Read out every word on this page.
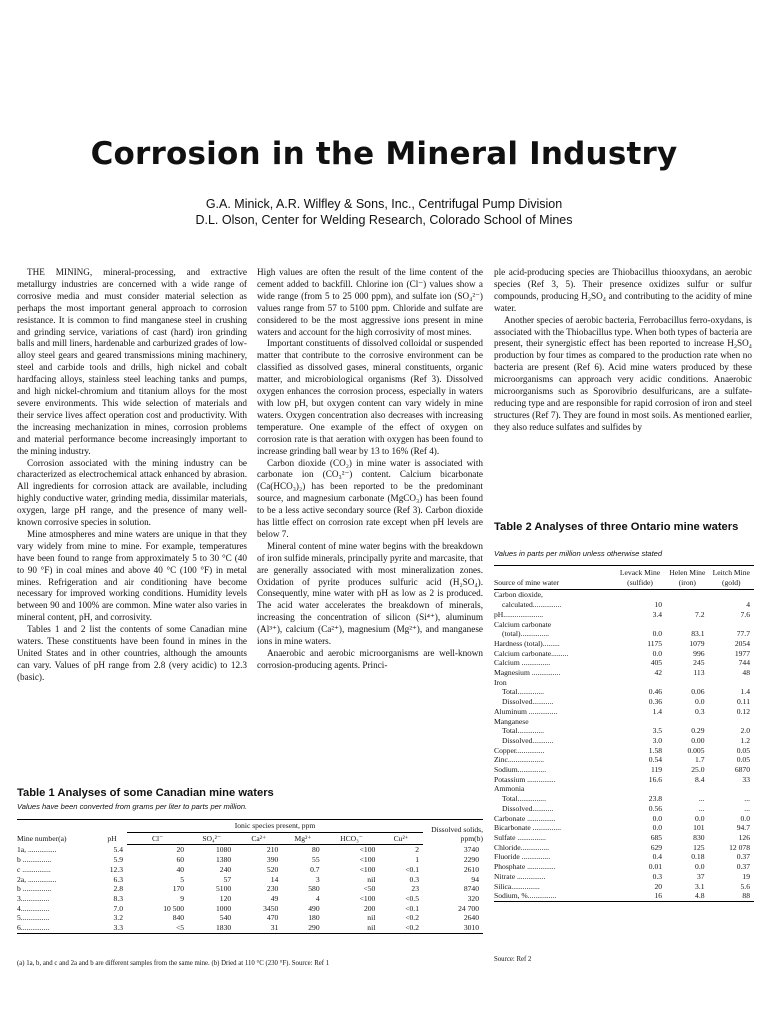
Corrosion in the Mineral Industry
G.A. Minick, A.R. Wilfley & Sons, Inc., Centrifugal Pump Division
D.L. Olson, Center for Welding Research, Colorado School of Mines

THE MINING, mineral-processing, and extractive metallurgy industries are concerned with a wide range of corrosive media and must consider material selection as perhaps the most important general approach to corrosion resistance. It is common to find manganese steel in crushing and grinding service, variations of cast (hard) iron grinding balls and mill liners, hardenable and carburized grades of low-alloy steel gears and geared transmissions mining machinery, steel and carbide tools and drills, high nickel and cobalt hardfacing alloys, stainless steel leaching tanks and pumps, and high nickel-chromium and titanium alloys for the most severe environments. This wide selection of materials and their service lives affect operation cost and productivity. With the increasing mechanization in mines, corrosion problems and material performance become increasingly important to the mining industry.

Corrosion associated with the mining industry can be characterized as electrochemical attack enhanced by abrasion. All ingredients for corrosion attack are available, including highly conductive water, grinding media, dissimilar materials, oxygen, large pH range, and the presence of many well-known corrosive species in solution.

Mine atmospheres and mine waters are unique in that they vary widely from mine to mine. For example, temperatures have been found to range from approximately 5 to 30 °C (40 to 90 °F) in coal mines and above 40 °C (100 °F) in metal mines. Refrigeration and air conditioning have become necessary for improved working conditions. Humidity levels between 90 and 100% are common. Mine water also varies in mineral content, pH, and corrosivity.

Tables 1 and 2 list the contents of some Canadian mine waters. These constituents have been found in mines in the United States and in other countries, although the amounts can vary. Values of pH range from 2.8 (very acidic) to 12.3 (basic).

High values are often the result of the lime content of the cement added to backfill. Chlorine ion (Cl⁻) values show a wide range (from 5 to 25 000 ppm), and sulfate ion (SO₄²⁻) values range from 57 to 5100 ppm. Chloride and sulfate are considered to be the most aggressive ions present in mine waters and account for the high corrosivity of most mines.

Important constituents of dissolved colloidal or suspended matter that contribute to the corrosive environment can be classified as dissolved gases, mineral constituents, organic matter, and microbiological organisms (Ref 3). Dissolved oxygen enhances the corrosion process, especially in waters with low pH, but oxygen content can vary widely in mine waters. Oxygen concentration also decreases with increasing temperature. One example of the effect of oxygen on corrosion rate is that aeration with oxygen has been found to increase grinding ball wear by 13 to 16% (Ref 4).

Carbon dioxide (CO₂) in mine water is associated with carbonate ion (CO₃²⁻) content. Calcium bicarbonate (Ca(HCO₃)₂) has been reported to be the predominant source, and magnesium carbonate (MgCO₃) has been found to be a less active secondary source (Ref 3). Carbon dioxide has little effect on corrosion rate except when pH levels are below 7.

Mineral content of mine water begins with the breakdown of iron sulfide minerals, principally pyrite and marcasite, that are generally associated with most mineralization zones. Oxidation of pyrite produces sulfuric acid (H₂SO₄). Consequently, mine water with pH as low as 2 is produced. The acid water accelerates the breakdown of minerals, increasing the concentration of silicon (Si⁴⁺), aluminum (Al³⁺), calcium (Ca²⁺), magnesium (Mg²⁺), and manganese ions in mine waters.

Anaerobic and aerobic microorganisms are well-known corrosion-producing agents. Princi-

ple acid-producing species are Thiobacillus thiooxydans, an aerobic species (Ref 3, 5). Their presence oxidizes sulfur or sulfur compounds, producing H₂SO₄ and contributing to the acidity of mine water.

Another species of aerobic bacteria, Ferrobacillus ferro-oxydans, is associated with the Thiobacillus type. When both types of bacteria are present, their synergistic effect has been reported to increase H₂SO₄ production by four times as compared to the production rate when no bacteria are present (Ref 6). Acid mine waters produced by these microorganisms can approach very acidic conditions. Anaerobic microorganisms such as Sporovibrio desulfuricans, are a sulfate-reducing type and are responsible for rapid corrosion of iron and steel structures (Ref 7). They are found in most soils. As mentioned earlier, they also reduce sulfates and sulfides by

Table 1 Analyses of some Canadian mine waters
Values have been converted from grams per liter to parts per million.
Mine number(a)	pH	Ionic species present, ppm						Dissolved solids, ppm(b)
		Cl⁻	SO₄²⁻	Ca²⁺	Mg²⁺	HCO₃⁻	Cu²⁺	
1a, ...............	5.4	20	1080	210	80	<100	2	3740
b ...............	5.9	60	1380	390	55	<100	1	2290
c ...............	12.3	40	240	520	0.7	<100	<0.1	2610
2a, ...............	6.3	5	57	14	3	nil	0.3	94
b ...............	2.8	170	5100	230	580	<50	23	8740
3...............	8.3	9	120	49	4	<100	<0.5	320
4...............	7.0	10 500	1000	3450	490	200	<0.1	24 700
5...............	3.2	840	540	470	180	nil	<0.2	2640
6...............	3.3	<5	1830	31	290	nil	<0.2	3010
(a) 1a, b, and c and 2a and b are different samples from the same mine. (b) Dried at 110 °C (230 °F). Source: Ref 1
Table 2 Analyses of three Ontario mine waters
Values in parts per million unless otherwise stated
Source of mine water	Levack Mine (sulfide)	Helen Mine (iron)	Leitch Mine (gold)
Carbon dioxide,			
calculated...............	10		4
pH.....................	3.4	7.2	7.6
Calcium carbonate			
(total)...............	0.0	83.1	77.7
Hardness (total).........	1175	1079	2054
Calcium carbonate.........	0.0	996	1977
Calcium ...............	405	245	744
Magnesium ...............	42	113	48
Iron			
Total..............	0.46	0.06	1.4
Dissolved...........	0.36	0.0	0.11
Aluminum ...............	1.4	0.3	0.12
Manganese			
Total..............	3.5	0.29	2.0
Dissolved...........	3.0	0.00	1.2
Copper...............	1.58	0.005	0.05
Zinc...................	0.54	1.7	0.05
Sodium...............	119	25.0	6870
Potassium ...............	16.6	8.4	33
Ammonia			
Total...............	23.8	...	...
Dissolved...........	0.56	...	...
Carbonate ...............	0.0	0.0	0.0
Bicarbonate ...............	0.0	101	94.7
Sulfate ...............	685	830	126
Chloride...............	629	125	12 078
Fluoride ...............	0.4	0.18	0.37
Phosphate ...............	0.01	0.0	0.37
Nitrate ...............	0.3	37	19
Silica...............	20	3.1	5.6
Sodium, %...............	16	4.8	88
Source: Ref 2
